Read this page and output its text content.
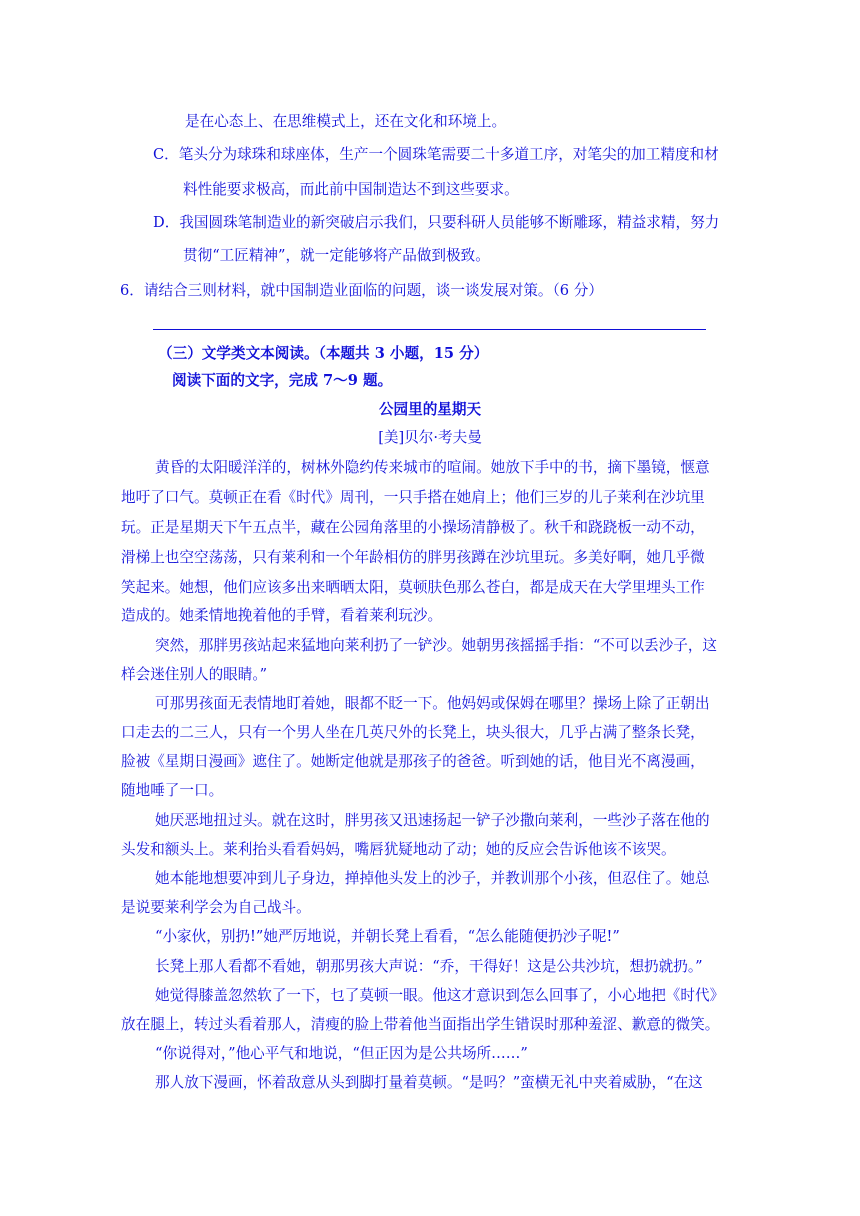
是在心态上、在思维模式上，还在文化和环境上。
C．笔头分为球珠和球座体，生产一个圆珠笔需要二十多道工序，对笔尖的加工精度和材
料性能要求极高，而此前中国制造达不到这些要求。
D．我国圆珠笔制造业的新突破启示我们，只要科研人员能够不断雕琢，精益求精，努力
贯彻“工匠精神”，就一定能够将产品做到极致。
6．请结合三则材料，就中国制造业面临的问题，谈一谈发展对策。（6 分）
（三）文学类文本阅读。（本题共 3 小题，15 分）
阅读下面的文字，完成 7～9 题。
公园里的星期天
[美]贝尔·考夫曼
黄昏的太阳暖洋洋的，树林外隐约传来城市的喧闹。她放下手中的书，摘下墨镜，惬意
地吁了口气。莫顿正在看《时代》周刊，一只手搭在她肩上；他们三岁的儿子莱利在沙坑里
玩。正是星期天下午五点半，藏在公园角落里的小操场清静极了。秋千和跷跷板一动不动，
滑梯上也空空荡荡，只有莱利和一个年龄相仿的胖男孩蹲在沙坑里玩。多美好啊，她几乎微
笑起来。她想，他们应该多出来晒晒太阳，莫顿肤色那么苍白，都是成天在大学里埋头工作
造成的。她柔情地挽着他的手臂，看着莱利玩沙。
突然，那胖男孩站起来猛地向莱利扔了一铲沙。她朝男孩摇摇手指：“不可以丢沙子，这
样会迷住别人的眼睛。”
可那男孩面无表情地盯着她，眼都不眨一下。他妈妈或保姆在哪里？操场上除了正朝出
口走去的二三人，只有一个男人坐在几英尺外的长凳上，块头很大，几乎占满了整条长凳，
脸被《星期日漫画》遮住了。她断定他就是那孩子的爸爸。听到她的话，他目光不离漫画，
随地唾了一口。
她厌恶地扭过头。就在这时，胖男孩又迅速扬起一铲子沙撒向莱利，一些沙子落在他的
头发和额头上。莱利抬头看看妈妈，嘴唇犹疑地动了动；她的反应会告诉他该不该哭。
她本能地想要冲到儿子身边，掸掉他头发上的沙子，并教训那个小孩，但忍住了。她总
是说要莱利学会为自己战斗。
“小家伙，别扔!”她严厉地说，并朝长凳上看看，“怎么能随便扔沙子呢!”
长凳上那人看都不看她，朝那男孩大声说：“乔，干得好！这是公共沙坑，想扔就扔。”
她觉得膝盖忽然软了一下，乜了莫顿一眼。他这才意识到怎么回事了，小心地把《时代》
放在腿上，转过头看着那人，清瘦的脸上带着他当面指出学生错误时那种羞涩、歉意的微笑。
“你说得对，”他心平气和地说，“但正因为是公共场所……”
那人放下漫画，怀着敌意从头到脚打量着莫顿。“是吗？”蛮横无礼中夹着威胁，“在这
